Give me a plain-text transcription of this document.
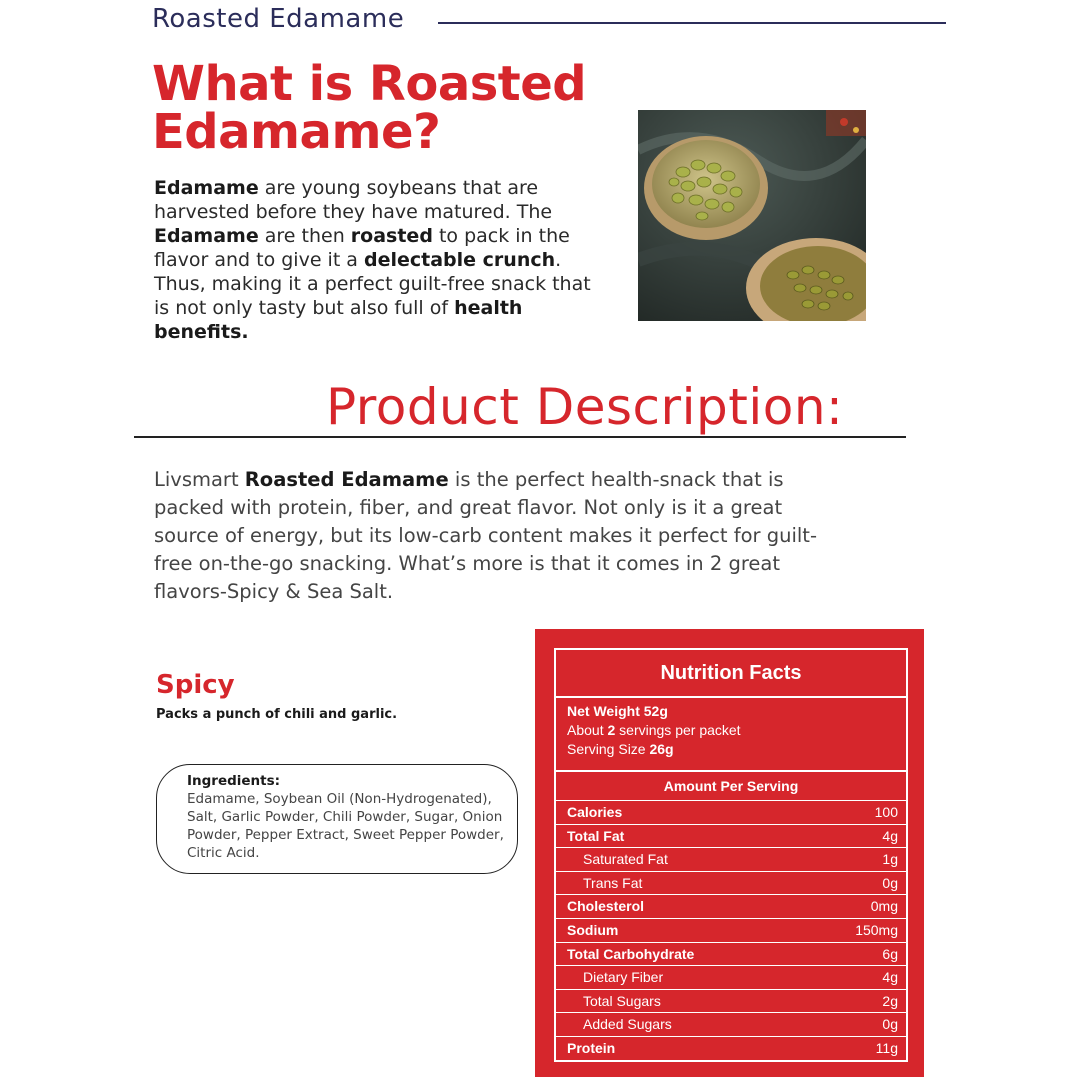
Roasted Edamame
What is Roasted Edamame?

Edamame are young soybeans that are harvested before they have matured. The Edamame are then roasted to pack in the flavor and to give it a delectable crunch. Thus, making it a perfect guilt-free snack that is not only tasty but also full of health benefits.

Product Description:

Livsmart Roasted Edamame is the perfect health-snack that is packed with protein, fiber, and great flavor. Not only is it a great source of energy, but its low-carb content makes it perfect for guilt-free on-the-go snacking. What’s more is that it comes in 2 great flavors-Spicy & Sea Salt.

Spicy
Packs a punch of chili and garlic.
Ingredients:
Edamame, Soybean Oil (Non-Hydrogenated), Salt, Garlic Powder, Chili Powder, Sugar, Onion Powder, Pepper Extract, Sweet Pepper Powder, Citric Acid.
Nutrition Facts
Net Weight 52g
About 2 servings per packet
Serving Size 26g
Amount Per Serving
Calories	100
Total Fat	4g
Saturated Fat	1g
Trans Fat	0g
Cholesterol	0mg
Sodium	150mg
Total Carbohydrate	6g
Dietary Fiber	4g
Total Sugars	2g
Added Sugars	0g
Protein	11g
